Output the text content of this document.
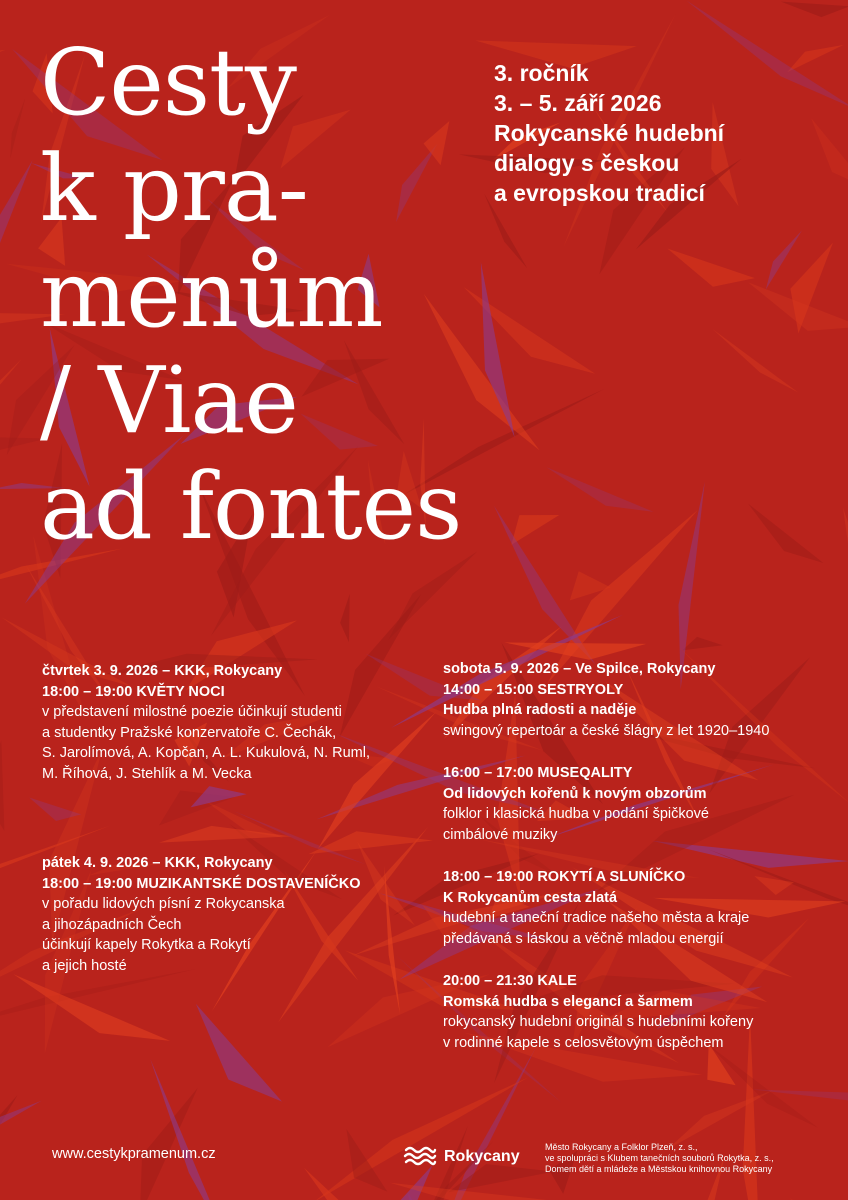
Cesty
k pra-
menům
/ Viae
ad fontes
3. ročník
3. – 5. září 2026
Rokycanské hudební
dialogy s českou
a evropskou tradicí
čtvrtek 3. 9. 2026 – KKK, Rokycany
18:00 – 19:00 KVĚTY NOCI
v představení milostné poezie účinkují studenti
a studentky Pražské konzervatoře C. Čechák,
S. Jarolímová, A. Kopčan, A. L. Kukulová, N. Ruml,
M. Říhová, J. Stehlík a M. Vecka
pátek 4. 9. 2026 – KKK, Rokycany
18:00 – 19:00 MUZIKANTSKÉ DOSTAVENÍČKO
v pořadu lidových písní z Rokycanska
a jihozápadních Čech
účinkují kapely Rokytka a Rokytí
a jejich hosté
sobota 5. 9. 2026 – Ve Spilce, Rokycany
14:00 – 15:00 SESTRYOLY
Hudba plná radosti a naděje
swingový repertoár a české šlágry z let 1920–1940
16:00 – 17:00 MUSEQALITY
Od lidových kořenů k novým obzorům
folklor i klasická hudba v podání špičkové
cimbálové muziky
18:00 – 19:00 ROKYTÍ A SLUNÍČKO
K Rokycanům cesta zlatá
hudební a taneční tradice našeho města a kraje
předávaná s láskou a věčně mladou energií
20:00 – 21:30 KALE
Romská hudba s elegancí a šarmem
rokycanský hudební originál s hudebními kořeny
v rodinné kapele s celosvětovým úspěchem
www.cestykpramenum.cz	Rokycany
Město Rokycany a Folklor Plzeň, z. s.,
ve spolupráci s Klubem tanečních souborů Rokytka, z. s.,
Domem dětí a mládeže a Městskou knihovnou Rokycany
